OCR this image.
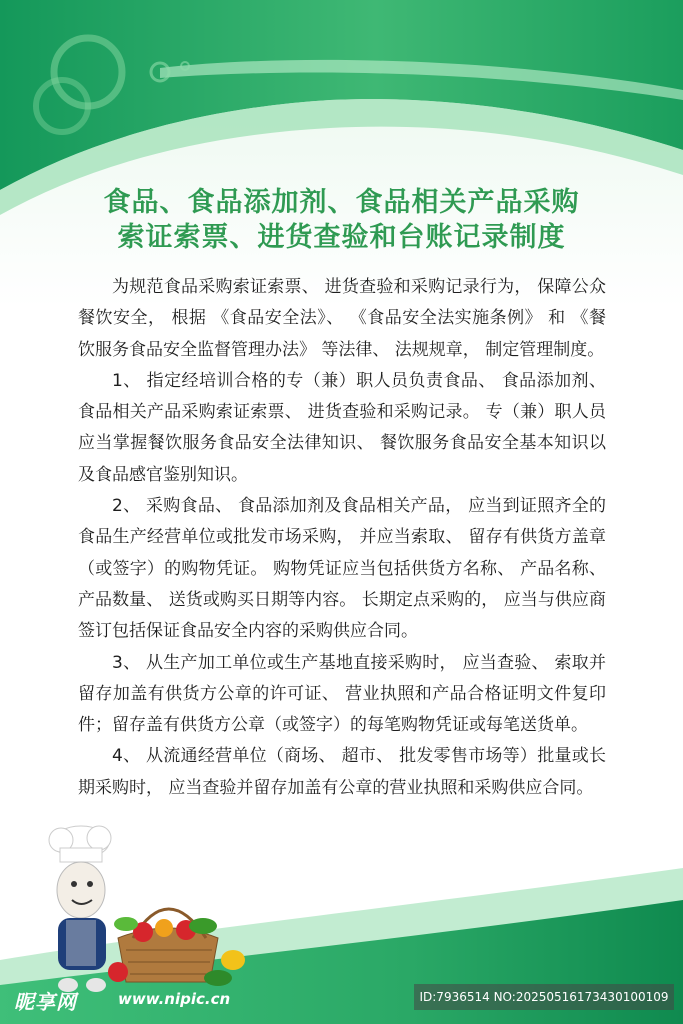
食品、食品添加剂、食品相关产品采购
索证索票、进货查验和台账记录制度

为规范食品采购索证索票、 进货查验和采购记录行为， 保障公众餐饮安全， 根据 《食品安全法》、 《食品安全法实施条例》 和 《餐饮服务食品安全监督管理办法》 等法律、 法规规章， 制定管理制度。

1、 指定经培训合格的专（兼）职人员负责食品、 食品添加剂、 食品相关产品采购索证索票、 进货查验和采购记录。 专（兼）职人员应当掌握餐饮服务食品安全法律知识、 餐饮服务食品安全基本知识以及食品感官鉴别知识。

2、 采购食品、 食品添加剂及食品相关产品， 应当到证照齐全的食品生产经营单位或批发市场采购， 并应当索取、 留存有供货方盖章（或签字）的购物凭证。 购物凭证应当包括供货方名称、 产品名称、 产品数量、 送货或购买日期等内容。 长期定点采购的， 应当与供应商签订包括保证食品安全内容的采购供应合同。

3、 从生产加工单位或生产基地直接采购时， 应当查验、 索取并留存加盖有供货方公章的许可证、 营业执照和产品合格证明文件复印件；留存盖有供货方公章（或签字）的每笔购物凭证或每笔送货单。

4、 从流通经营单位（商场、 超市、 批发零售市场等）批量或长期采购时， 应当查验并留存加盖有公章的营业执照和采购供应合同。

昵享网	www.nipic.cn	ID:7936514 NO:20250516173430100109
